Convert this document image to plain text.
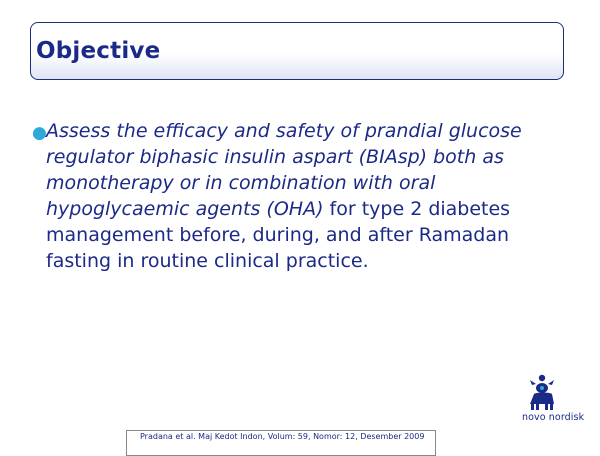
Objective
● Assess the efficacy and safety of prandial glucose regulator biphasic insulin aspart (BIAsp) both as monotherapy or in combination with oral hypoglycaemic agents (OHA) for type 2 diabetes management before, during, and after Ramadan fasting in routine clinical practice.
novo nordisk
Pradana et al. Maj Kedot Indon, Volum: 59, Nomor: 12, Desember 2009
